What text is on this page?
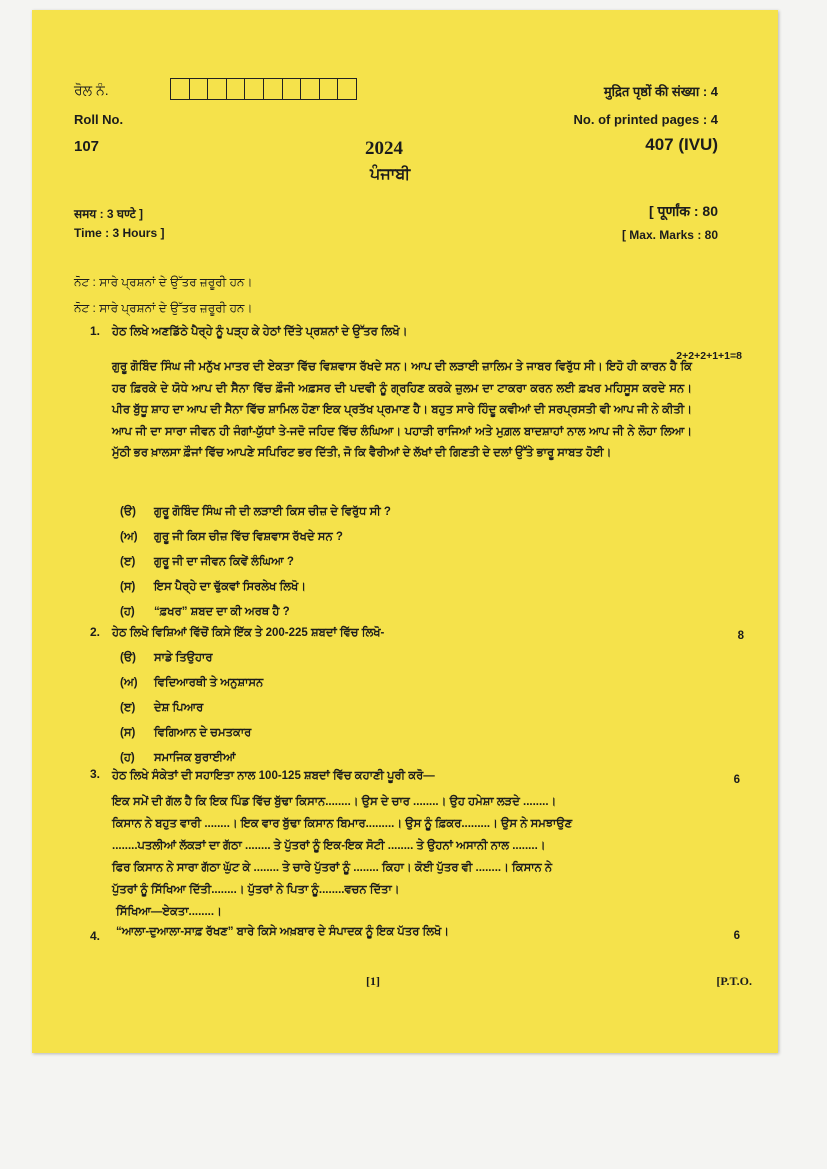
ਰੋਲ ਨੰ.	मुद्रित पृष्ठों की संख्या : 4
Roll No.	No. of printed pages : 4
107	2024	407 (IVU)
ਪੰਜਾਬੀ
समय : 3 घण्टे ]	[ पूर्णांक : 80
Time : 3 Hours ]	[ Max. Marks : 80
ਨੋਟ : ਸਾਰੇ ਪ੍ਰਸ਼ਨਾਂ ਦੇ ਉੱਤਰ ਜ਼ਰੂਰੀ ਹਨ।
ਨੋਟ : ਸਾਰੇ ਪ੍ਰਸ਼ਨਾਂ ਦੇ ਉੱਤਰ ਜ਼ਰੂਰੀ ਹਨ।
1. ਹੇਠ ਲਿਖੇ ਅਣਡਿੱਠੇ ਪੈਰ੍ਹੇ ਨੂੰ ਪੜ੍ਹ ਕੇ ਹੇਠਾਂ ਦਿੱਤੇ ਪ੍ਰਸ਼ਨਾਂ ਦੇ ਉੱਤਰ ਲਿਖੋ।
2+2+2+1+1=8
ਗੁਰੂ ਗੋਬਿੰਦ ਸਿੰਘ ਜੀ ਮਨੁੱਖ ਮਾਤਰ ਦੀ ਏਕਤਾ ਵਿੱਚ ਵਿਸ਼ਵਾਸ ਰੱਖਦੇ ਸਨ। ਆਪ ਦੀ ਲੜਾਈ ਜ਼ਾਲਿਮ ਤੇ ਜਾਬਰ ਵਿਰੁੱਧ ਸੀ। ਇਹੋ ਹੀ ਕਾਰਨ ਹੈ ਕਿ ਹਰ ਫ਼ਿਰਕੇ ਦੇ ਯੋਧੇ ਆਪ ਦੀ ਸੈਨਾ ਵਿੱਚ ਫ਼ੌਜੀ ਅਫ਼ਸਰ ਦੀ ਪਦਵੀ ਨੂੰ ਗ੍ਰਹਿਣ ਕਰਕੇ ਜ਼ੁਲਮ ਦਾ ਟਾਕਰਾ ਕਰਨ ਲਈ ਫ਼ਖਰ ਮਹਿਸੂਸ ਕਰਦੇ ਸਨ। ਪੀਰ ਬੁੱਧੂ ਸ਼ਾਹ ਦਾ ਆਪ ਦੀ ਸੈਨਾ ਵਿੱਚ ਸ਼ਾਮਿਲ ਹੋਣਾ ਇਕ ਪ੍ਰਤੱਖ ਪ੍ਰਮਾਣ ਹੈ। ਬਹੁਤ ਸਾਰੇ ਹਿੰਦੂ ਕਵੀਆਂ ਦੀ ਸਰਪ੍ਰਸਤੀ ਵੀ ਆਪ ਜੀ ਨੇ ਕੀਤੀ। ਆਪ ਜੀ ਦਾ ਸਾਰਾ ਜੀਵਨ ਹੀ ਜੰਗਾਂ-ਯੁੱਧਾਂ ਤੇ-ਜਦੋ ਜਹਿਦ ਵਿੱਚ ਲੰਘਿਆ। ਪਹਾੜੀ ਰਾਜਿਆਂ ਅਤੇ ਮੁਗ਼ਲ ਬਾਦਸ਼ਾਹਾਂ ਨਾਲ ਆਪ ਜੀ ਨੇ ਲੋਹਾ ਲਿਆ। ਮੁੱਠੀ ਭਰ ਖ਼ਾਲਸਾ ਫ਼ੌਜਾਂ ਵਿੱਚ ਆਪਣੇ ਸਪਿਰਿਟ ਭਰ ਦਿੱਤੀ, ਜੋ ਕਿ ਵੈਰੀਆਂ ਦੇ ਲੱਖਾਂ ਦੀ ਗਿਣਤੀ ਦੇ ਦਲਾਂ ਉੱਤੇ ਭਾਰੂ ਸਾਬਤ ਹੋਈ।
(ੳ) ਗੁਰੂ ਗੋਬਿੰਦ ਸਿੰਘ ਜੀ ਦੀ ਲੜਾਈ ਕਿਸ ਚੀਜ਼ ਦੇ ਵਿਰੁੱਧ ਸੀ ?
(ਅ) ਗੁਰੂ ਜੀ ਕਿਸ ਚੀਜ਼ ਵਿੱਚ ਵਿਸ਼ਵਾਸ ਰੱਖਦੇ ਸਨ ?
(ੲ) ਗੁਰੂ ਜੀ ਦਾ ਜੀਵਨ ਕਿਵੇਂ ਲੰਘਿਆ ?
(ਸ) ਇਸ ਪੈਰ੍ਹੇ ਦਾ ਢੁੱਕਵਾਂ ਸਿਰਲੇਖ ਲਿਖੋ।
(ਹ) “ਫ਼ਖਰ” ਸ਼ਬਦ ਦਾ ਕੀ ਅਰਥ ਹੈ ?
2. ਹੇਠ ਲਿਖੇ ਵਿਸ਼ਿਆਂ ਵਿੱਚੋਂ ਕਿਸੇ ਇੱਕ ਤੇ 200-225 ਸ਼ਬਦਾਂ ਵਿੱਚ ਲਿਖੋ-	8
(ੳ) ਸਾਡੇ ਤਿਉਹਾਰ
(ਅ) ਵਿਦਿਆਰਥੀ ਤੇ ਅਨੁਸ਼ਾਸਨ
(ੲ) ਦੇਸ਼ ਪਿਆਰ
(ਸ) ਵਿਗਿਆਨ ਦੇ ਚਮਤਕਾਰ
(ਹ) ਸਮਾਜਿਕ ਬੁਰਾਈਆਂ
3. ਹੇਠ ਲਿਖੇ ਸੰਕੇਤਾਂ ਦੀ ਸਹਾਇਤਾ ਨਾਲ 100-125 ਸ਼ਬਦਾਂ ਵਿੱਚ ਕਹਾਣੀ ਪੂਰੀ ਕਰੋ—	6
ਇਕ ਸਮੇਂ ਦੀ ਗੱਲ ਹੈ ਕਿ ਇਕ ਪਿੰਡ ਵਿੱਚ ਬੁੱਢਾ ਕਿਸਾਨ........। ਉਸ ਦੇ ਚਾਰ ........। ਉਹ ਹਮੇਸ਼ਾ ਲੜਦੇ ........।
ਕਿਸਾਨ ਨੇ ਬਹੁਤ ਵਾਰੀ ........। ਇਕ ਵਾਰ ਬੁੱਢਾ ਕਿਸਾਨ ਬਿਮਾਰ.........। ਉਸ ਨੂੰ ਫ਼ਿਕਰ.........। ਉਸ ਨੇ ਸਮਝਾਉਣ
........ਪਤਲੀਆਂ ਲੱਕੜਾਂ ਦਾ ਗੱਠਾ ........ ਤੇ ਪੁੱਤਰਾਂ ਨੂੰ ਇਕ-ਇਕ ਸੋਟੀ ........ ਤੇ ਉਹਨਾਂ ਅਸਾਨੀ ਨਾਲ ........।
ਫਿਰ ਕਿਸਾਨ ਨੇ ਸਾਰਾ ਗੱਠਾ ਘੁੱਟ ਕੇ ........ ਤੇ ਚਾਰੇ ਪੁੱਤਰਾਂ ਨੂੰ ........ ਕਿਹਾ। ਕੋਈ ਪੁੱਤਰ ਵੀ ........। ਕਿਸਾਨ ਨੇ
ਪੁੱਤਰਾਂ ਨੂੰ ਸਿੱਖਿਆ ਦਿੱਤੀ........। ਪੁੱਤਰਾਂ ਨੇ ਪਿਤਾ ਨੂੰ........ਵਚਨ ਦਿੱਤਾ।
ਸਿੱਖਿਆ—ਏਕਤਾ........।
4. “ਆਲਾ-ਦੁਆਲਾ-ਸਾਫ਼ ਰੱਖਣ” ਬਾਰੇ ਕਿਸੇ ਅਖ਼ਬਾਰ ਦੇ ਸੰਪਾਦਕ ਨੂੰ ਇਕ ਪੱਤਰ ਲਿਖੋ।	6
[1]	[P.T.O.
